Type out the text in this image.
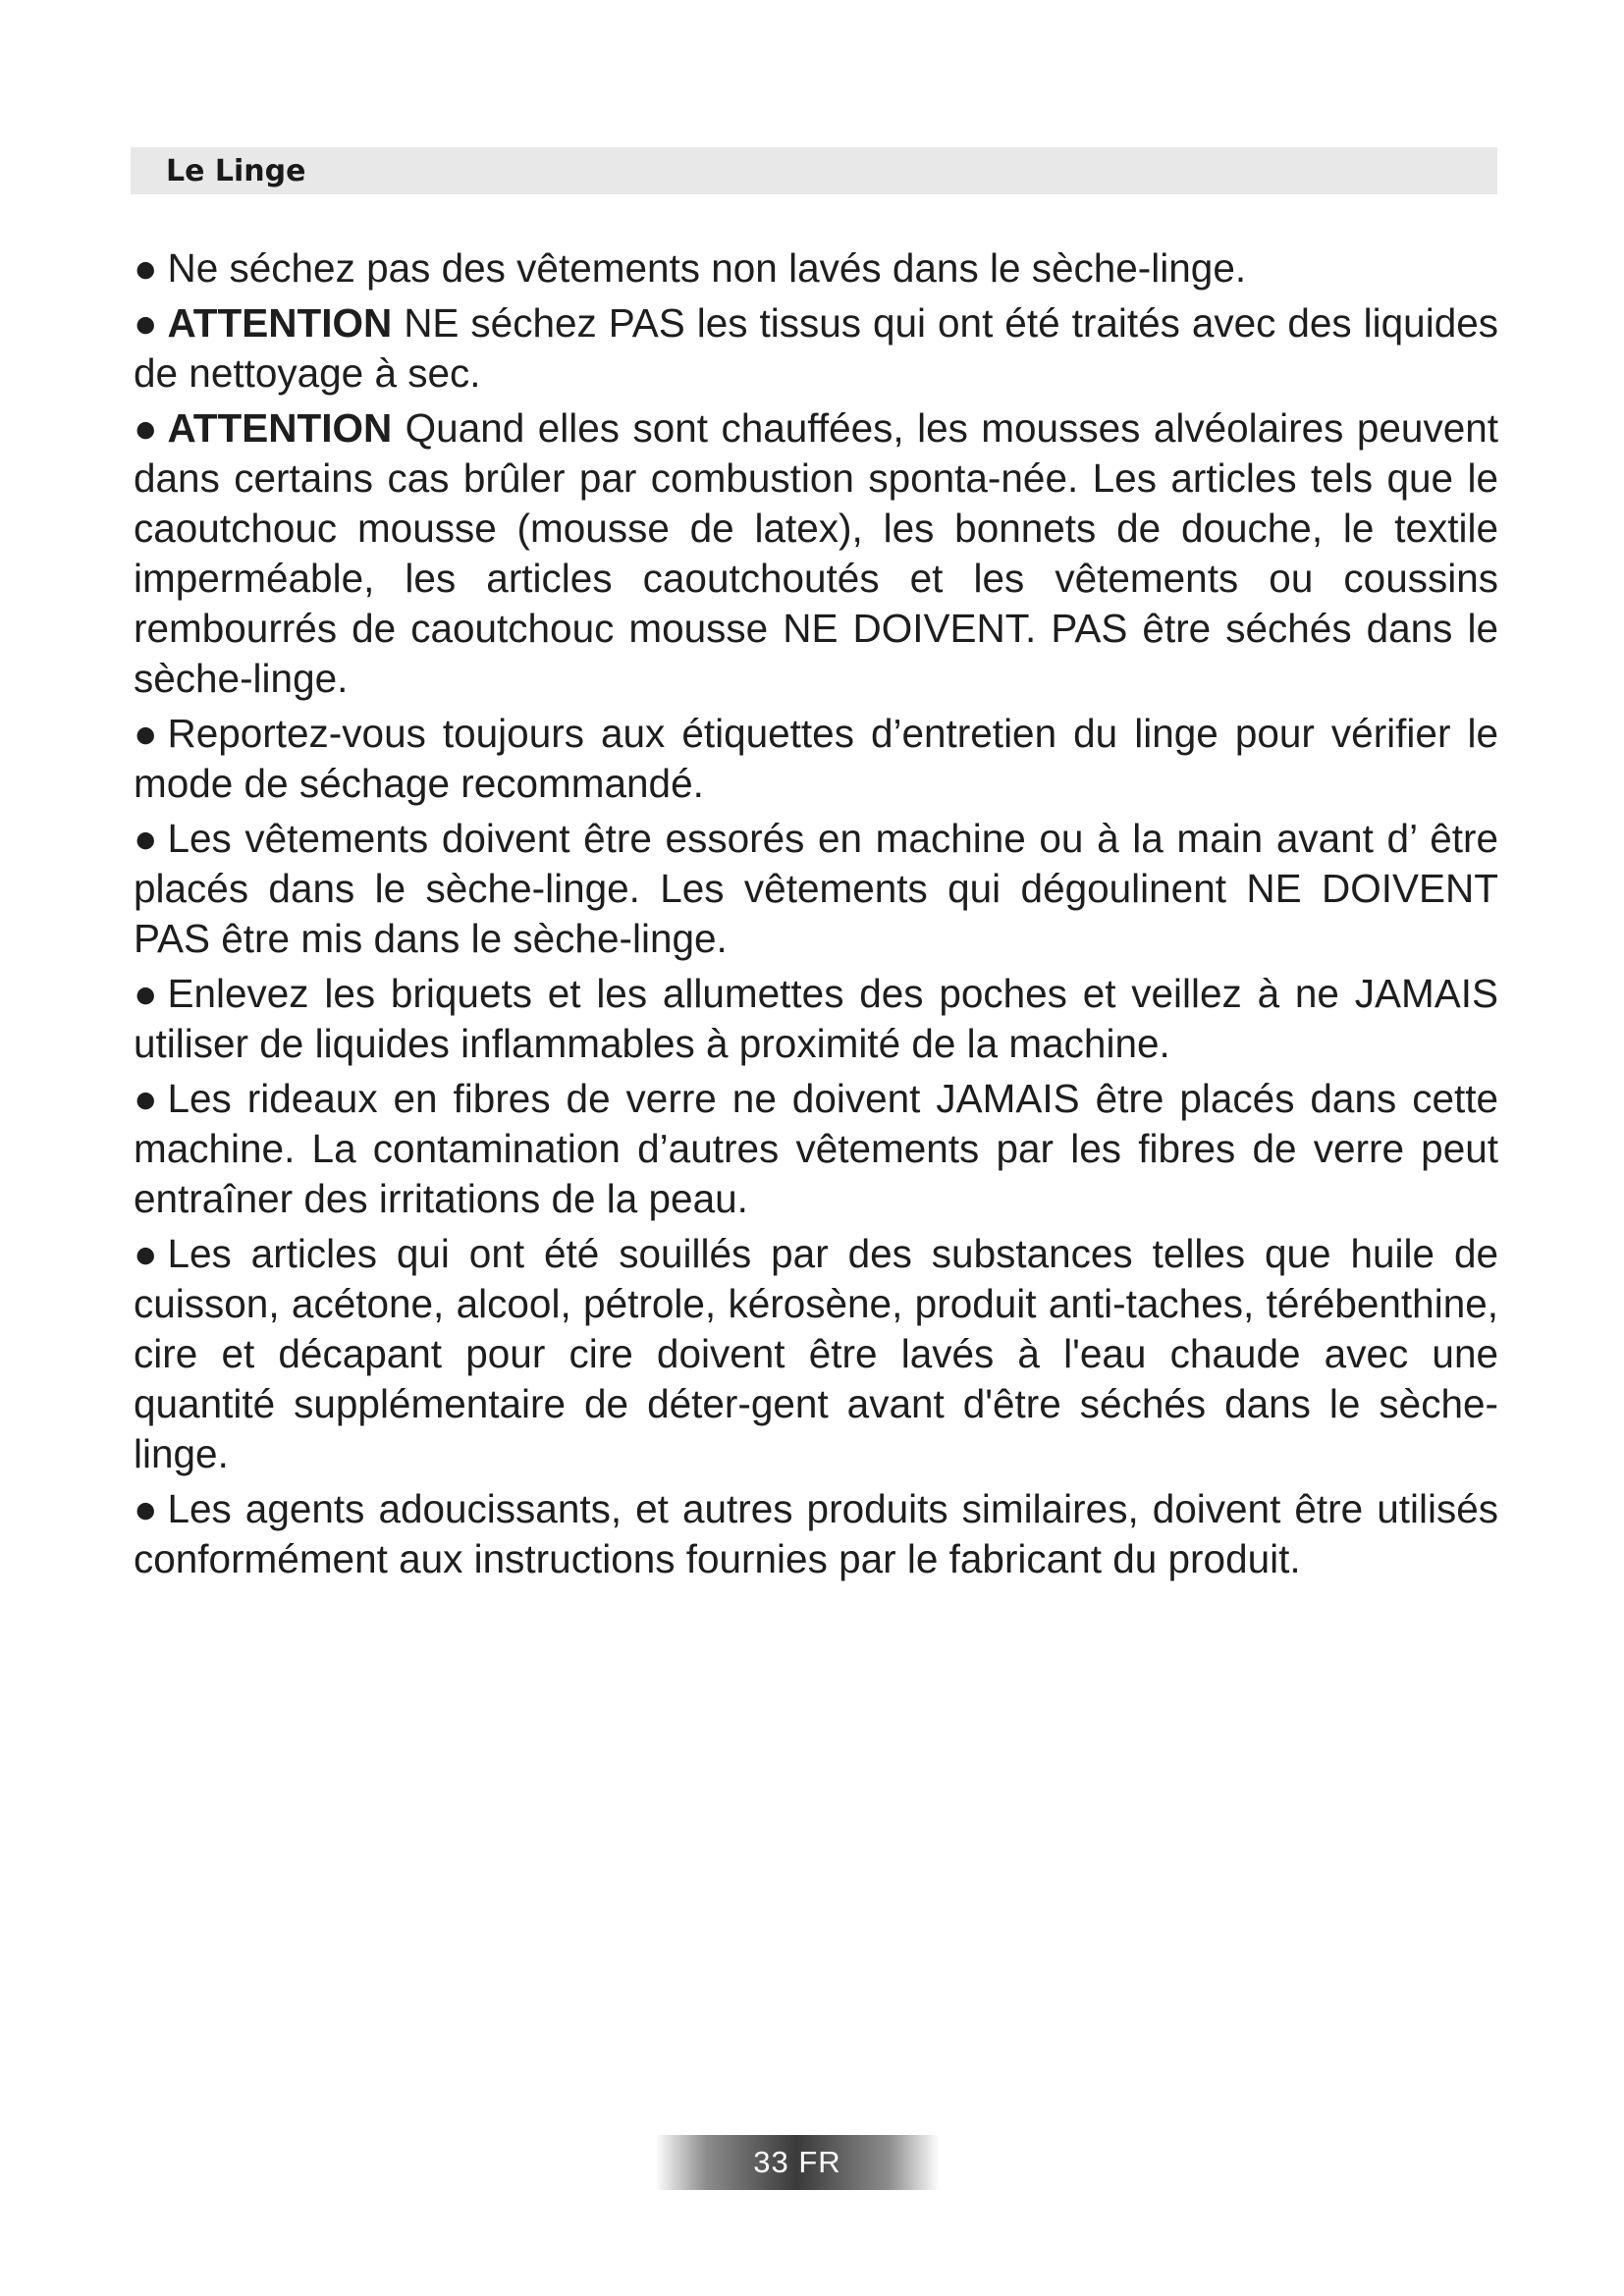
Le Linge

● Ne séchez pas des vêtements non lavés dans le sèche-linge.

● ATTENTION NE séchez PAS les tissus qui ont été traités avec des liquides de nettoyage à sec.

● ATTENTION Quand elles sont chauffées, les mousses alvéolaires peuvent dans certains cas brûler par combustion sponta-née. Les articles tels que le caoutchouc mousse (mousse de latex), les bonnets de douche, le textile imperméable, les articles caoutchoutés et les vêtements ou coussins rembourrés de caoutchouc mousse NE DOIVENT. PAS être séchés dans le sèche-linge.

● Reportez-vous toujours aux étiquettes d’entretien du linge pour vérifier le mode de séchage recommandé.

● Les vêtements doivent être essorés en machine ou à la main avant d’ être placés dans le sèche-linge. Les vêtements qui dégoulinent NE DOIVENT PAS être mis dans le sèche-linge.

● Enlevez les briquets et les allumettes des poches et veillez à ne JAMAIS utiliser de liquides inflammables à proximité de la machine.

● Les rideaux en fibres de verre ne doivent JAMAIS être placés dans cette machine. La contamination d’autres vêtements par les fibres de verre peut entraîner des irritations de la peau.

● Les articles qui ont été souillés par des substances telles que huile de cuisson, acétone, alcool, pétrole, kérosène, produit anti-taches, térébenthine, cire et décapant pour cire doivent être lavés à l'eau chaude avec une quantité supplémentaire de déter-gent avant d'être séchés dans le sèche-linge.

● Les agents adoucissants, et autres produits similaires, doivent être utilisés conformément aux instructions fournies par le fabricant du produit.

33 FR
